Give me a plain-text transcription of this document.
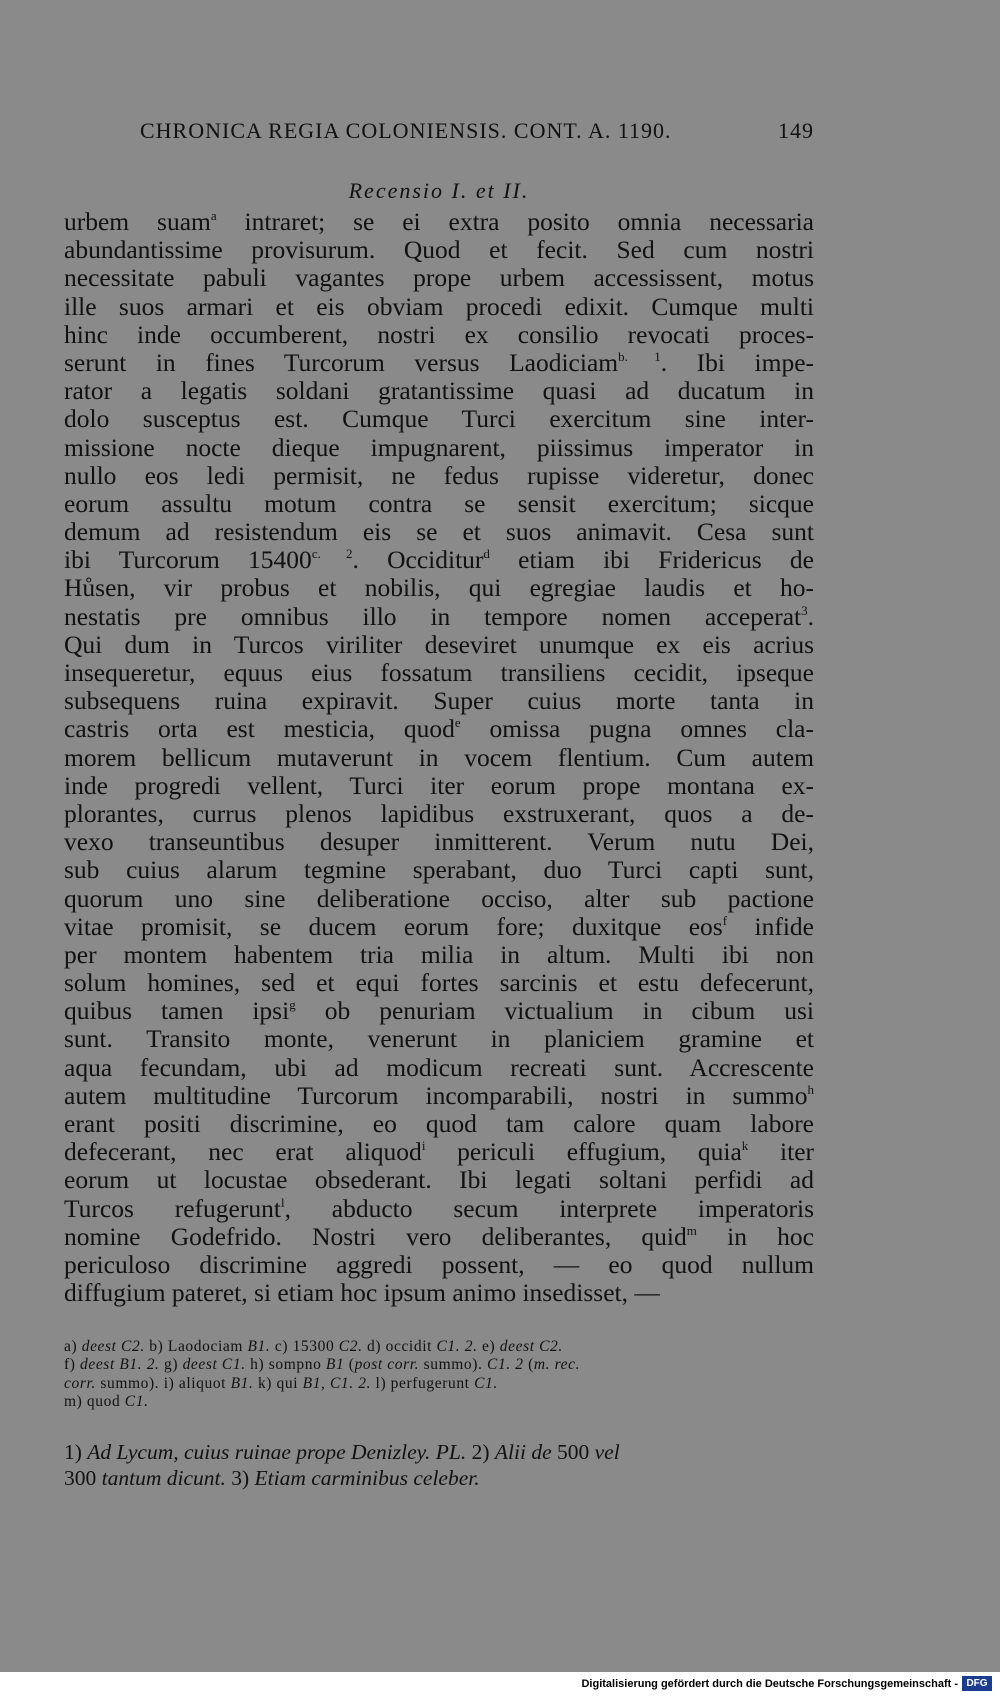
CHRONICA REGIA COLONIENSIS. CONT. A. 1190.	149
Recensio I. et II.
urbem suam$^a$ intraret; se ei extra posito omnia necessaria
abundantissime provisurum. Quod et fecit. Sed cum nostri
necessitate pabuli vagantes prope urbem accessissent, motus
ille suos armari et eis obviam procedi edixit. Cumque multi
hinc inde occumberent, nostri ex consilio revocati proces-
serunt in fines Turcorum versus Laodiciam$^{b. 1}$. Ibi impe-
rator a legatis soldani gratantissime quasi ad ducatum in
dolo susceptus est. Cumque Turci exercitum sine inter-
missione nocte dieque impugnarent, piissimus imperator in
nullo eos ledi permisit, ne fedus rupisse videretur, donec
eorum assultu motum contra se sensit exercitum; sicque
demum ad resistendum eis se et suos animavit. Cesa sunt
ibi Turcorum $15400^{c. 2}$. Occiditur$^d$ etiam ibi Fridericus de
Hůsen, vir probus et nobilis, qui egregiae laudis et ho-
nestatis pre omnibus illo in tempore nomen acceperat$^3$.
Qui dum in Turcos viriliter deseviret unumque ex eis acrius
insequeretur, equus eius fossatum transiliens cecidit, ipseque
subsequens ruina expiravit. Super cuius morte tanta in
castris orta est mesticia, quod$^e$ omissa pugna omnes cla-
morem bellicum mutaverunt in vocem flentium. Cum autem
inde progredi vellent, Turci iter eorum prope montana ex-
plorantes, currus plenos lapidibus exstruxerant, quos a de-
vexo transeuntibus desuper inmitterent. Verum nutu Dei,
sub cuius alarum tegmine sperabant, duo Turci capti sunt,
quorum uno sine deliberatione occiso, alter sub pactione
vitae promisit, se ducem eorum fore; duxitque eos$^f$ infide
per montem habentem tria milia in altum. Multi ibi non
solum homines, sed et equi fortes sarcinis et estu defecerunt,
quibus tamen ipsi$^g$ ob penuriam victualium in cibum usi
sunt. Transito monte, venerunt in planiciem gramine et
aqua fecundam, ubi ad modicum recreati sunt. Accrescente
autem multitudine Turcorum incomparabili, nostri in summo$^h$
erant positi discrimine, eo quod tam calore quam labore
defecerant, nec erat aliquod$^i$ periculi effugium, quia$^k$ iter
eorum ut locustae obsederant. Ibi legati soltani perfidi ad
Turcos refugerunt$^l$, abducto secum interprete imperatoris
nomine Godefrido. Nostri vero deliberantes, quid$^m$ in hoc
periculoso discrimine aggredi possent, — eo quod nullum
diffugium pateret, si etiam hoc ipsum animo insedisset, —
a) deest C2. b) Laodociam B1. c) 15300 C2. d) occidit C1. 2. e) deest C2.
f) deest B1. 2. g) deest C1. h) sompno B1 (post corr. summo). C1. 2 (m. rec.
corr. summo). i) aliquot B1. k) qui B1, C1. 2. l) perfugerunt C1.
m) quod C1.
1) Ad Lycum, cuius ruinae prope Denizley. PL. 2) Alii de 500 vel
300 tantum dicunt. 3) Etiam carminibus celeber.
Digitalisierung gefördert durch die Deutsche Forschungsgemeinschaft - DFG
